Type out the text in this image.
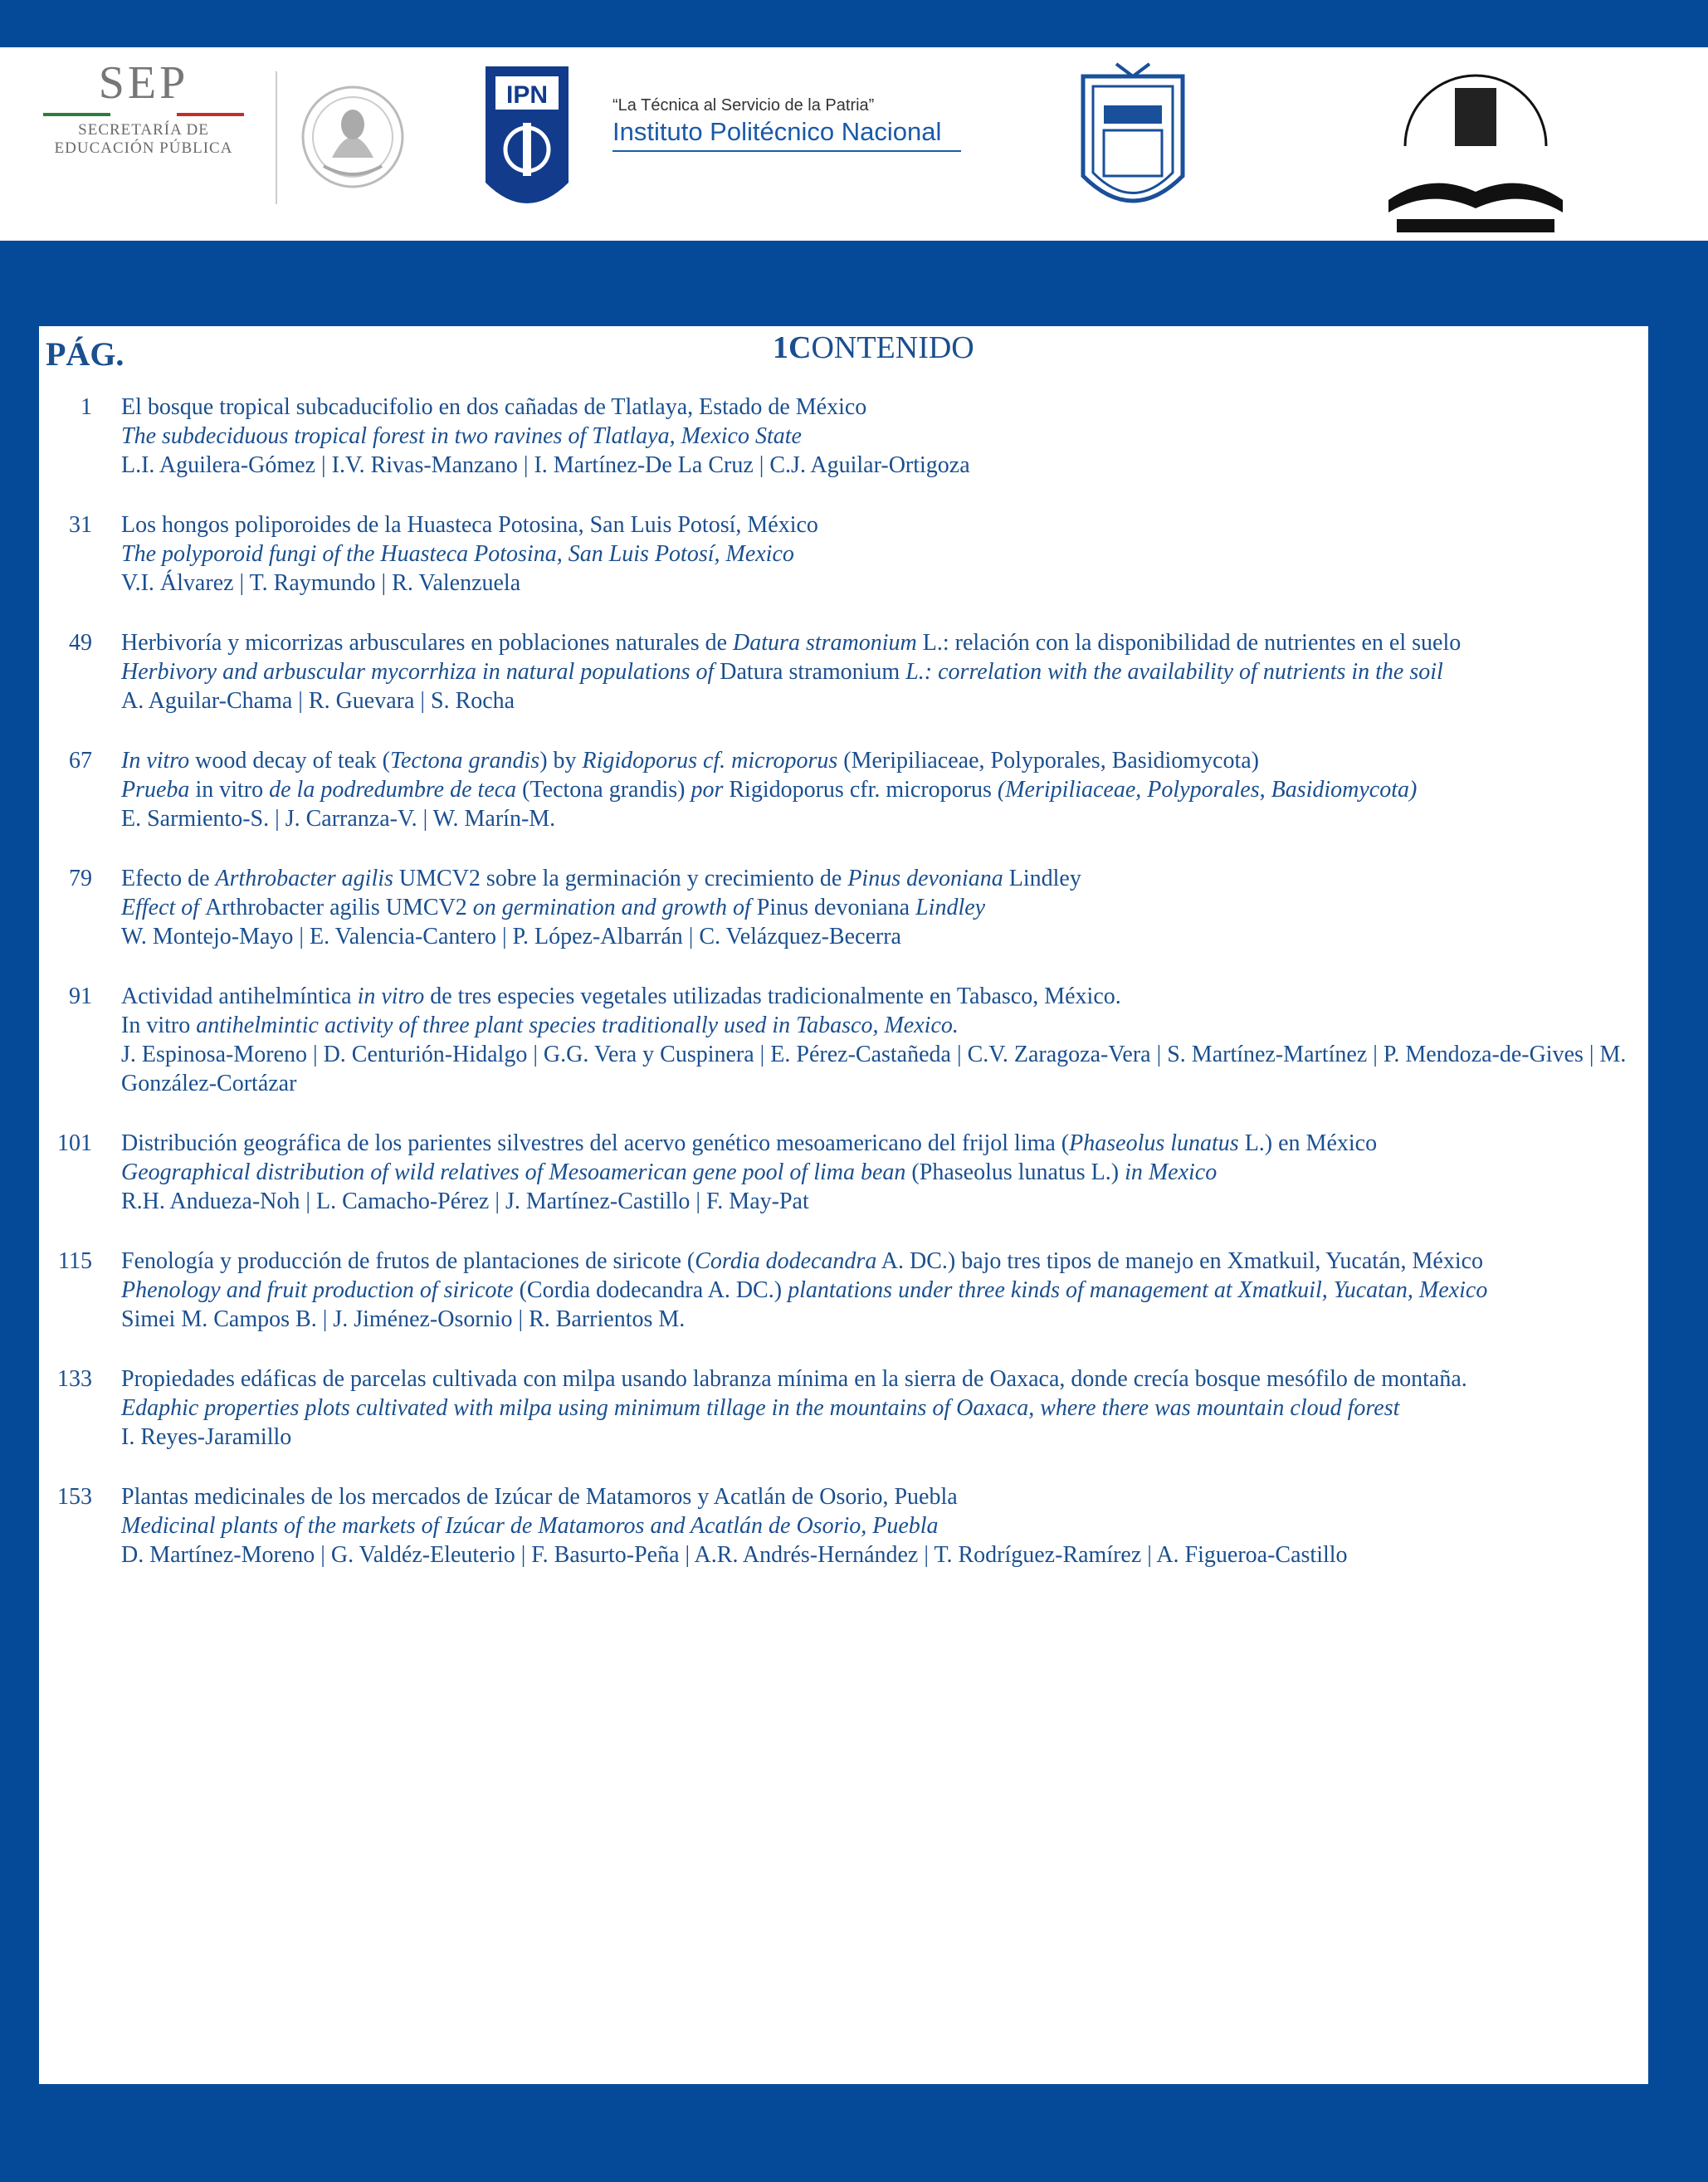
SEP
SECRETARÍA DE
EDUCACIÓN PÚBLICA
IPN	“La Técnica al Servicio de la Patria”
Instituto Politécnico Nacional
PÁG.	1CONTENIDO
1 El bosque tropical subcaducifolio en dos cañadas de Tlatlaya, Estado de México
The subdeciduous tropical forest in two ravines of Tlatlaya, Mexico State
L.I. Aguilera-Gómez | I.V. Rivas-Manzano | I. Martínez-De La Cruz | C.J. Aguilar-Ortigoza
31 Los hongos poliporoides de la Huasteca Potosina, San Luis Potosí, México
The polyporoid fungi of the Huasteca Potosina, San Luis Potosí, Mexico
V.I. Álvarez | T. Raymundo | R. Valenzuela
49 Herbivoría y micorrizas arbusculares en poblaciones naturales de Datura stramonium L.: relación con la disponibilidad de nutrientes en el suelo
Herbivory and arbuscular mycorrhiza in natural populations of Datura stramonium L.: correlation with the availability of nutrients in the soil
A. Aguilar-Chama | R. Guevara | S. Rocha
67 In vitro wood decay of teak (Tectona grandis) by Rigidoporus cf. microporus (Meripiliaceae, Polyporales, Basidiomycota)
Prueba in vitro de la podredumbre de teca (Tectona grandis) por Rigidoporus cfr. microporus (Meripiliaceae, Polyporales, Basidiomycota)
E. Sarmiento-S. | J. Carranza-V. | W. Marín-M.
79 Efecto de Arthrobacter agilis UMCV2 sobre la germinación y crecimiento de Pinus devoniana Lindley
Effect of Arthrobacter agilis UMCV2 on germination and growth of Pinus devoniana Lindley
W. Montejo-Mayo | E. Valencia-Cantero | P. López-Albarrán | C. Velázquez-Becerra
91 Actividad antihelmíntica in vitro de tres especies vegetales utilizadas tradicionalmente en Tabasco, México.
In vitro antihelmintic activity of three plant species traditionally used in Tabasco, Mexico.
J. Espinosa-Moreno | D. Centurión-Hidalgo | G.G. Vera y Cuspinera | E. Pérez-Castañeda | C.V. Zaragoza-Vera | S. Martínez-Martínez | P. Mendoza-de-Gives | M. González-Cortázar
101 Distribución geográfica de los parientes silvestres del acervo genético mesoamericano del frijol lima (Phaseolus lunatus L.) en México
Geographical distribution of wild relatives of Mesoamerican gene pool of lima bean (Phaseolus lunatus L.) in Mexico
R.H. Andueza-Noh | L. Camacho-Pérez | J. Martínez-Castillo | F. May-Pat
115 Fenología y producción de frutos de plantaciones de siricote (Cordia dodecandra A. DC.) bajo tres tipos de manejo en Xmatkuil, Yucatán, México
Phenology and fruit production of siricote (Cordia dodecandra A. DC.) plantations under three kinds of management at Xmatkuil, Yucatan, Mexico
Simei M. Campos B. | J. Jiménez-Osornio | R. Barrientos M.
133 Propiedades edáficas de parcelas cultivada con milpa usando labranza mínima en la sierra de Oaxaca, donde crecía bosque mesófilo de montaña.
Edaphic properties plots cultivated with milpa using minimum tillage in the mountains of Oaxaca, where there was mountain cloud forest
I. Reyes-Jaramillo
153 Plantas medicinales de los mercados de Izúcar de Matamoros y Acatlán de Osorio, Puebla
Medicinal plants of the markets of Izúcar de Matamoros and Acatlán de Osorio, Puebla
D. Martínez-Moreno | G. Valdéz-Eleuterio | F. Basurto-Peña | A.R. Andrés-Hernández | T. Rodríguez-Ramírez | A. Figueroa-Castillo
